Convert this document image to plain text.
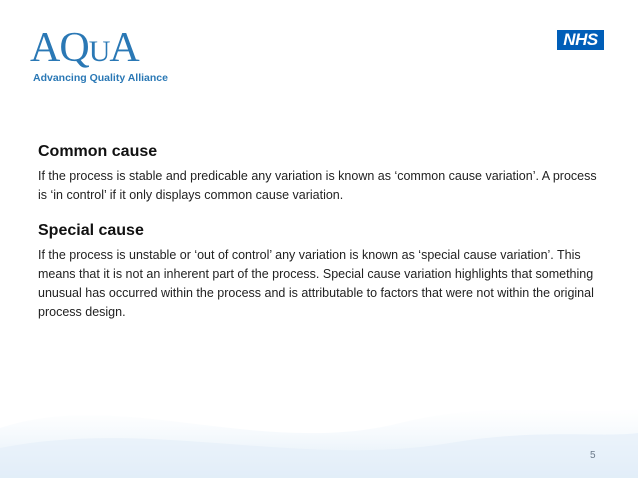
AQUA
Advancing Quality Alliance
NHS
Common cause

If the process is stable and predicable any variation is known as ‘common cause variation’. A process is ‘in control’ if it only displays common cause variation.

Special cause

If the process is unstable or ‘out of control’ any variation is known as ‘special cause variation’. This means that it is not an inherent part of the process. Special cause variation highlights that something unusual has occurred within the process and is attributable to factors that were not within the original process design.

5
